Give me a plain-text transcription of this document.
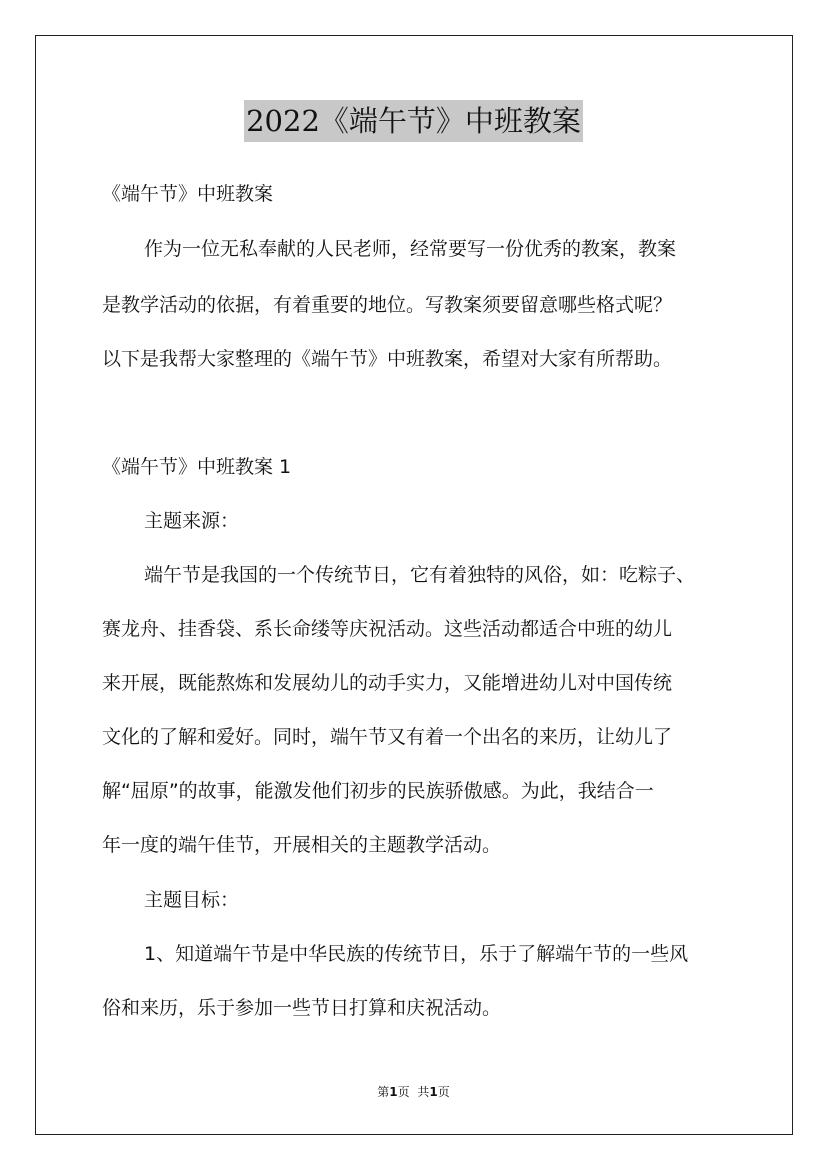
2022《端午节》中班教案
《端午节》中班教案
作为一位无私奉献的人民老师，经常要写一份优秀的教案，教案
是教学活动的依据，有着重要的地位。写教案须要留意哪些格式呢？
以下是我帮大家整理的《端午节》中班教案，希望对大家有所帮助。
《端午节》中班教案 1
主题来源：
端午节是我国的一个传统节日，它有着独特的风俗，如：吃粽子、
赛龙舟、挂香袋、系长命缕等庆祝活动。这些活动都适合中班的幼儿
来开展，既能熬炼和发展幼儿的动手实力，又能增进幼儿对中国传统
文化的了解和爱好。同时，端午节又有着一个出名的来历，让幼儿了
解“屈原”的故事，能激发他们初步的民族骄傲感。为此，我结合一
年一度的端午佳节，开展相关的主题教学活动。
主题目标：
1、知道端午节是中华民族的传统节日，乐于了解端午节的一些风
俗和来历，乐于参加一些节日打算和庆祝活动。
第1页 共1页
